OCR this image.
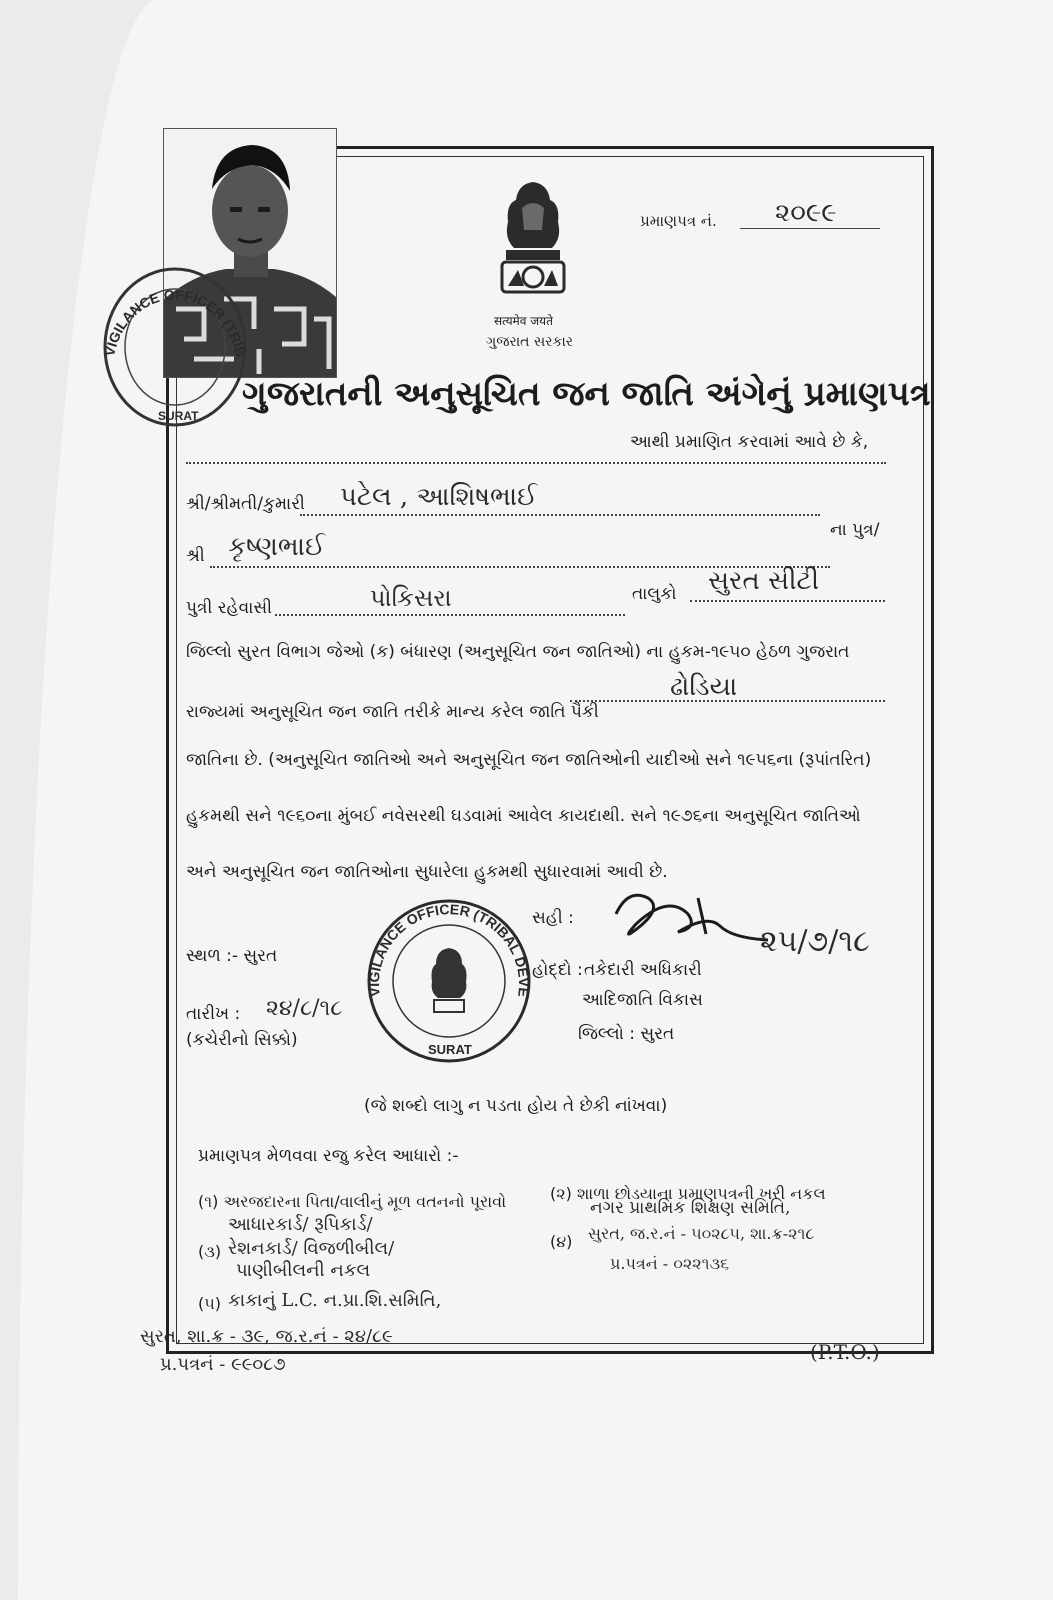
VIGILANCE OFFICER (TRIB
SURAT
सत्यमेव जयते
ગુજરાત સરકાર
પ્રમાણપત્ર નં. ૨૦૯૯
ગુજરાતની અનુસૂચિત જન જાતિ અંગેનું પ્રમાણપત્ર
આથી પ્રમાણિત કરવામાં આવે છે કે,
શ્રી/શ્રીમતી/કુમારી પટેલ , આશિષભાઈ
ના પુત્ર/
શ્રી કૃષ્ણભાઈ
પુત્રી રહેવાસી	પોકિસરા	તાલુકો સુરત સીટી
જિલ્લો સુરત વિભાગ જેઓ (ક) બંધારણ (અનુસૂચિત જન જાતિઓ) ના હુકમ-૧૯૫૦ હેઠળ ગુજરાત
રાજ્યમાં અનુસૂચિત જન જાતિ તરીકે માન્ય કરેલ જાતિ પૈકી
ઢોડિયા
જાતિના છે. (અનુસૂચિત જાતિઓ અને અનુસૂચિત જન જાતિઓની યાદીઓ સને ૧૯૫૬ના (રૂપાંતરિત)
હુકમથી સને ૧૯૬૦ના મુંબઈ નવેસરથી ઘડવામાં આવેલ કાયદાથી. સને ૧૯૭૬ના અનુસૂચિત જાતિઓ
અને અનુસૂચિત જન જાતિઓના સુધારેલા હુકમથી સુધારવામાં આવી છે.
સ્થળ :- સુરત
તારીખ : ૨૪/૮/૧૮
(કચેરીનો સિક્કો)
VIGILANCE OFFICER (TRIBAL DEVE
SURAT
સહી :
૨૫/૭/૧૮
હોદ્દો : તકેદારી અધિકારી
આદિજાતિ વિકાસ
જિલ્લો : સુરત
(જે શબ્દો લાગુ ન પડતા હોય તે છેકી નાંખવા)
પ્રમાણપત્ર મેળવવા રજુ કરેલ આધારો :-
(૧) અરજદારના પિતા/વાલીનું મૂળ વતનનો પૂરાવો
આધારકાર્ડ/ રૂપિકાર્ડ/
(૨) શાળા છોડયાના પ્રમાણપત્રની ખરી નકલ
નગર પ્રાથમિક શિક્ષણ સમિતિ,
(૩) રેશનકાર્ડ/ વિજળીબીલ/
પાણીબીલની નકલ
(૪) સુરત, જ.ર.નં - ૫૦૨૮૫, શા.ક્ર-૨૧૮
પ્ર.પત્રનં - ૦૨૨૧૩૬
(૫) કાકાનું L.C. ન.પ્રા.શિ.સમિતિ,
સુરત, શા.ક્ર - ૩૯, જ.ર.નં - ૨૪/૮૯
પ્ર.પત્રનં - ૯૯૦૮૭
(P.T.O.)
